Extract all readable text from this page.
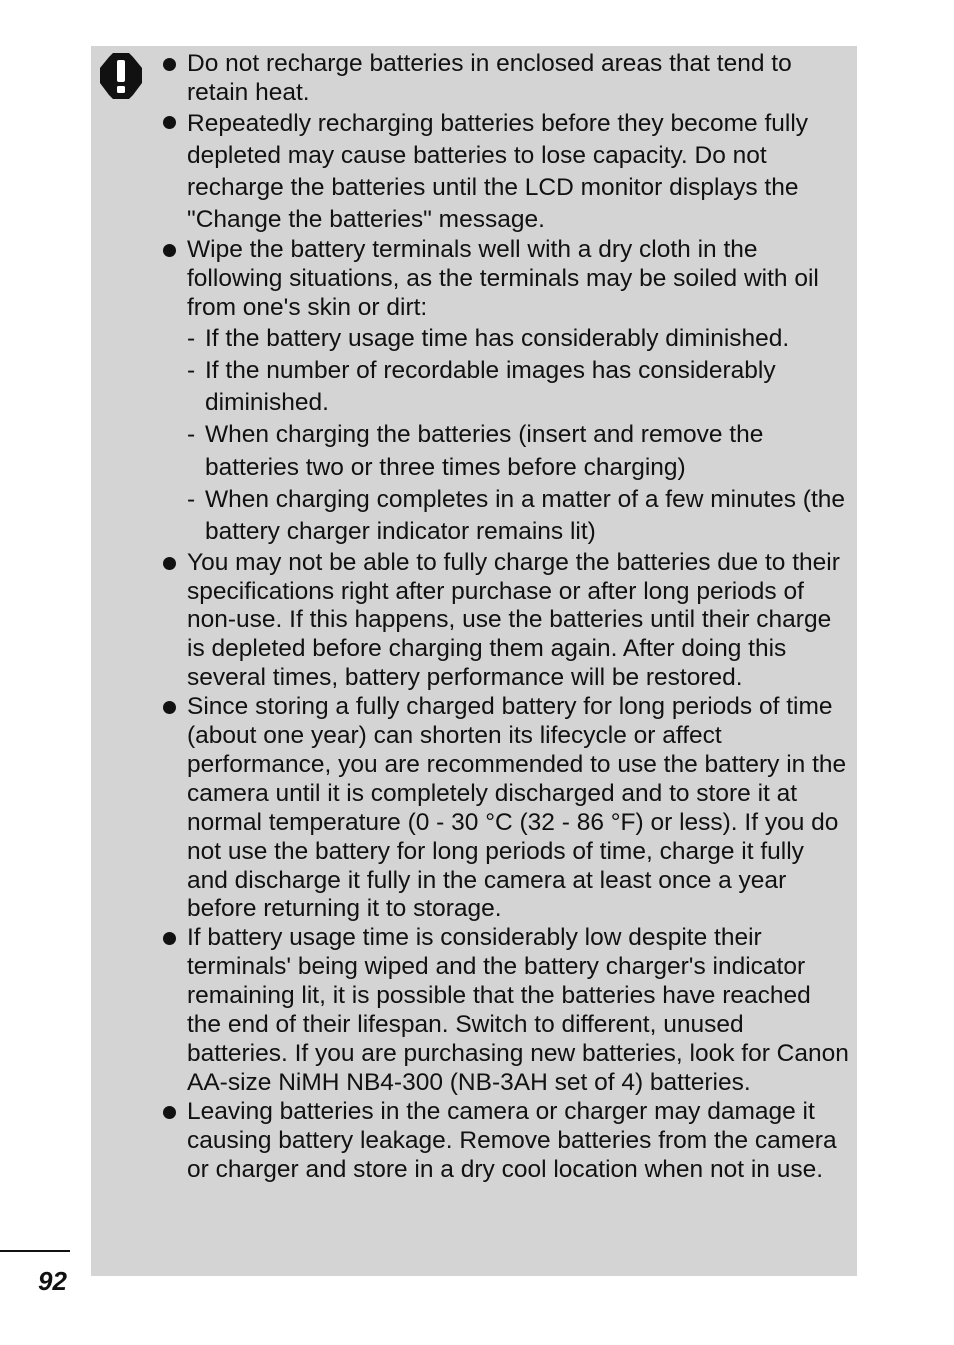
Do not recharge batteries in enclosed areas that tend to retain heat.
Repeatedly recharging batteries before they become fully depleted may cause batteries to lose capacity. Do not recharge the batteries until the LCD monitor displays the "Change the batteries" message.
Wipe the battery terminals well with a dry cloth in the following situations, as the terminals may be soiled with oil from one's skin or dirt:
- If the battery usage time has considerably diminished.
- If the number of recordable images has considerably diminished.
- When charging the batteries (insert and remove the batteries two or three times before charging)
- When charging completes in a matter of a few minutes (the battery charger indicator remains lit)
You may not be able to fully charge the batteries due to their specifications right after purchase or after long periods of non-use. If this happens, use the batteries until their charge is depleted before charging them again. After doing this several times, battery performance will be restored.
Since storing a fully charged battery for long periods of time (about one year) can shorten its lifecycle or affect performance, you are recommended to use the battery in the camera until it is completely discharged and to store it at normal temperature (0 - 30 °C (32 - 86 °F) or less). If you do not use the battery for long periods of time, charge it fully and discharge it fully in the camera at least once a year before returning it to storage.
If battery usage time is considerably low despite their terminals' being wiped and the battery charger's indicator remaining lit, it is possible that the batteries have reached the end of their lifespan. Switch to different, unused batteries. If you are purchasing new batteries, look for Canon AA-size NiMH NB4-300 (NB-3AH set of 4) batteries.
Leaving batteries in the camera or charger may damage it causing battery leakage. Remove batteries from the camera or charger and store in a dry cool location when not in use.
92
